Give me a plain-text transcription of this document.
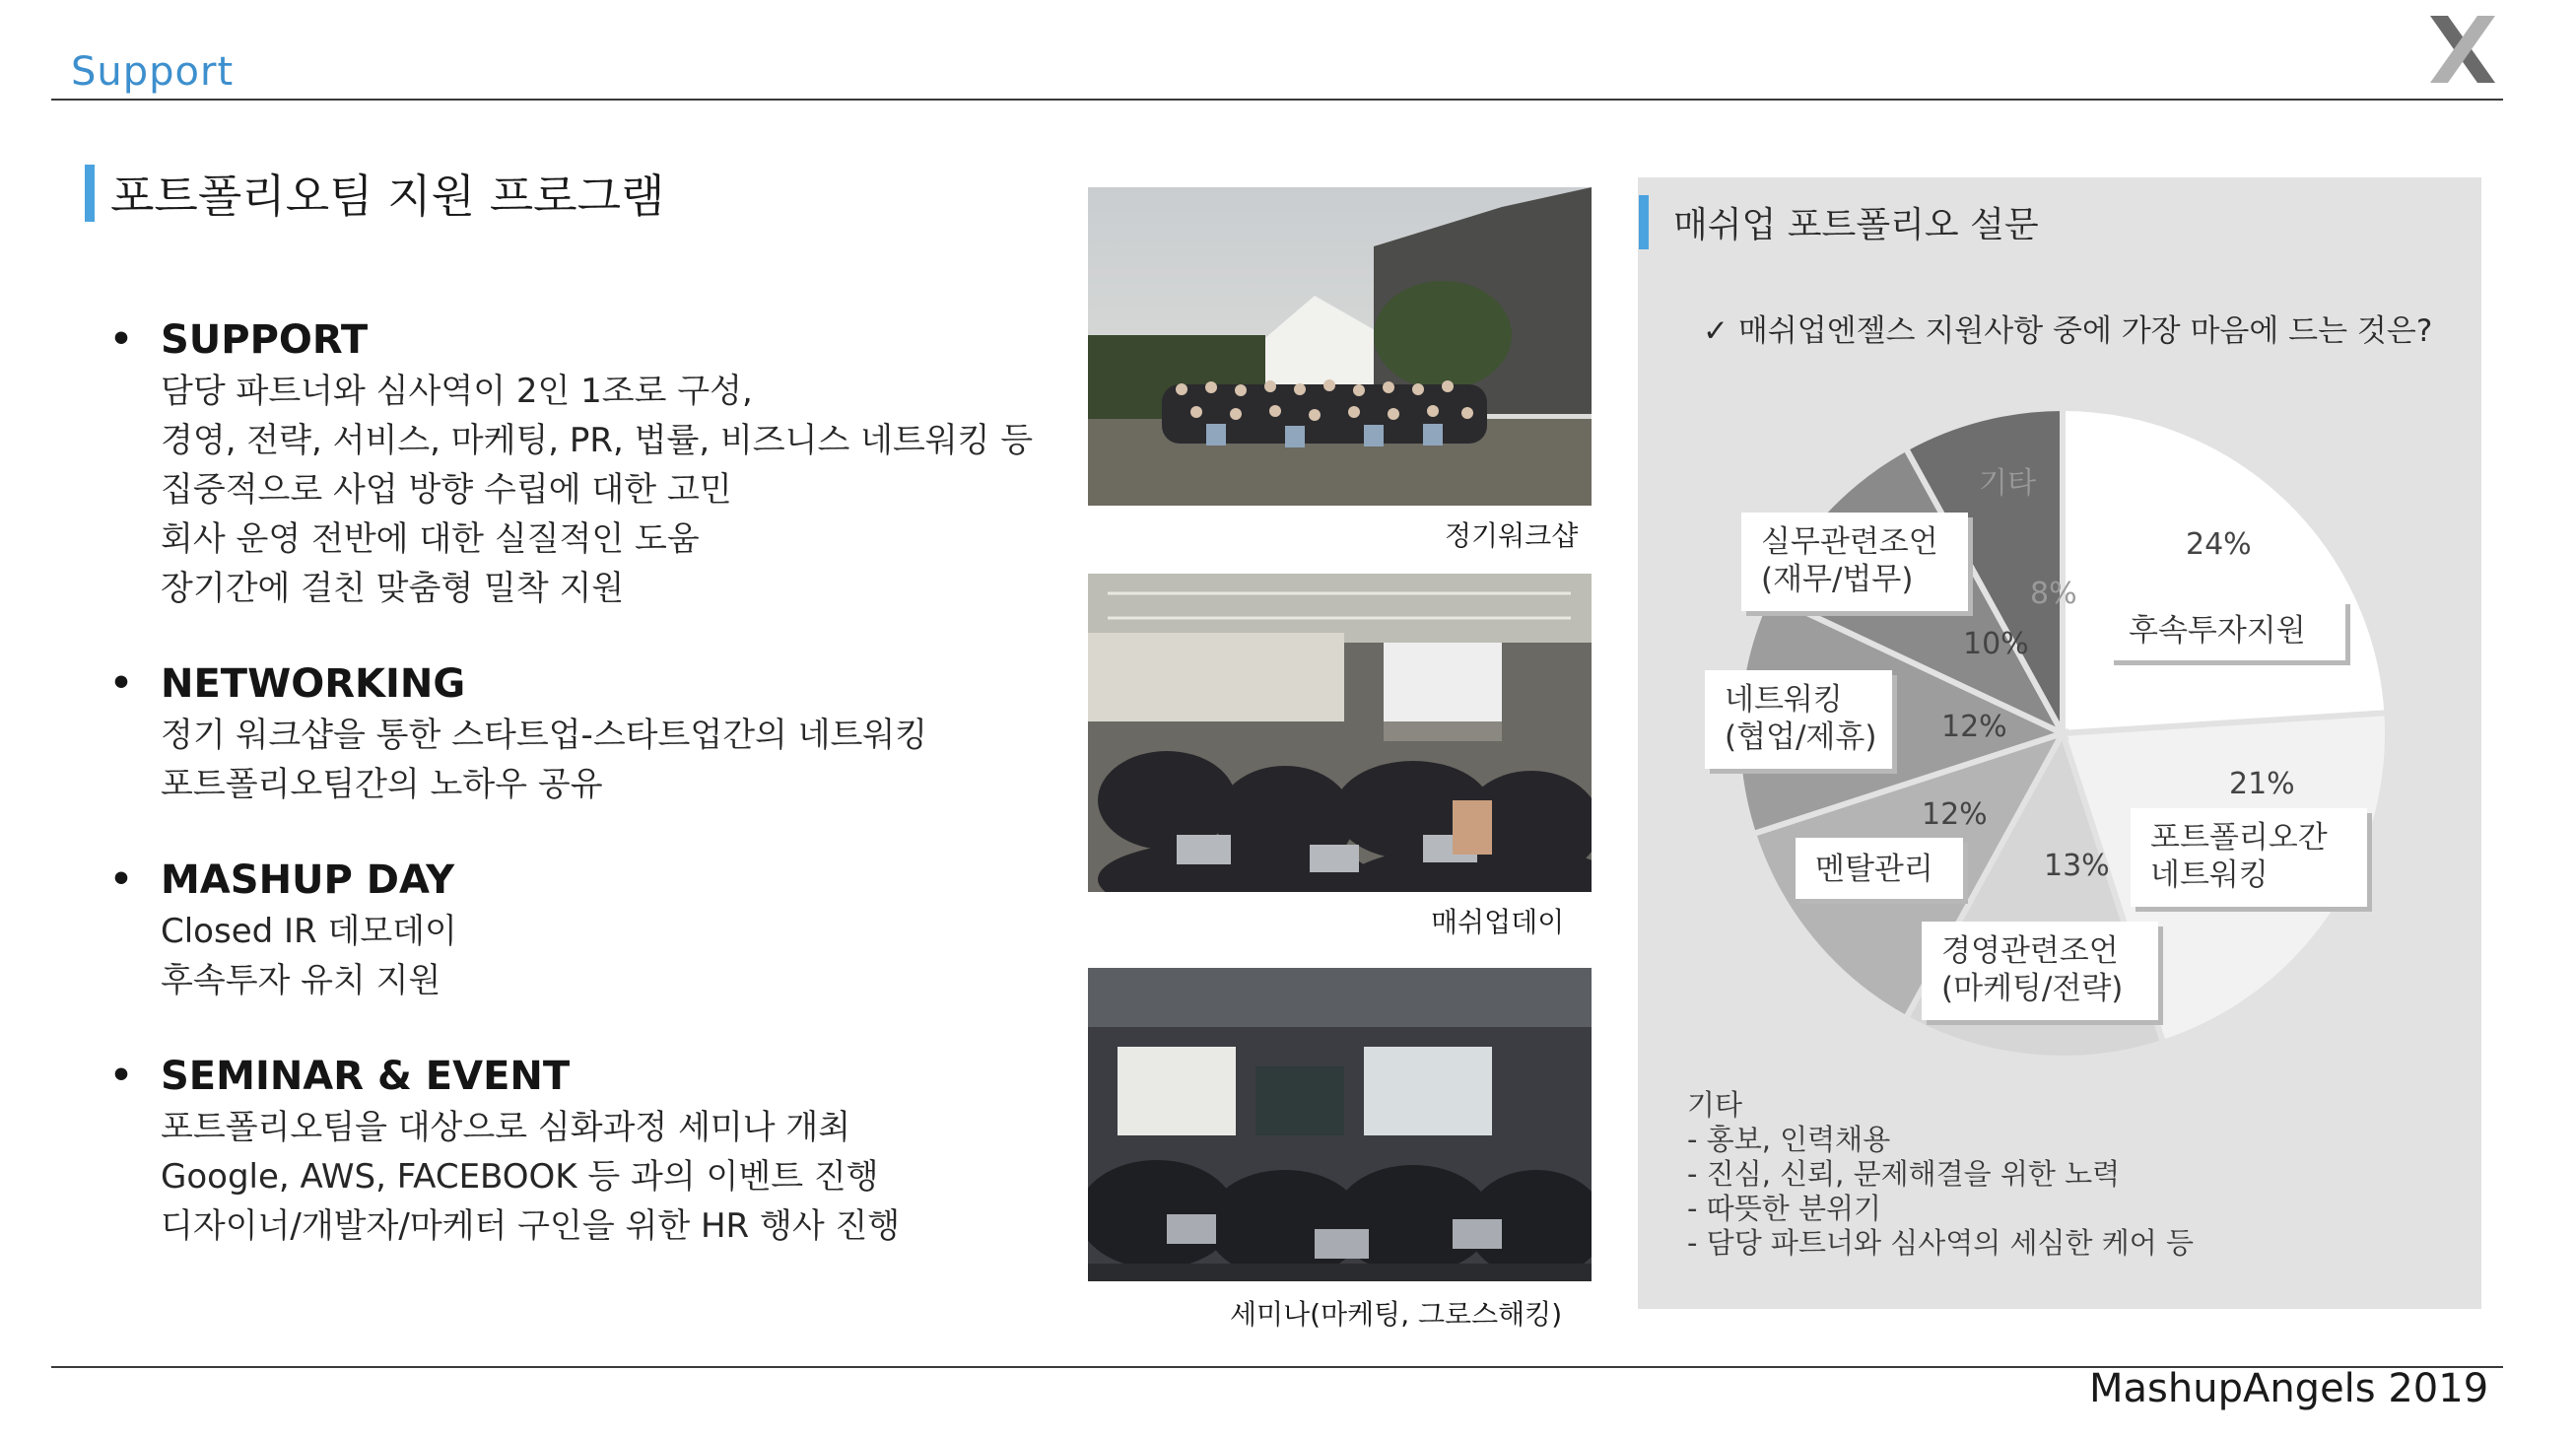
Support
포트폴리오팀 지원 프로그램
• SUPPORT
담당 파트너와 심사역이 2인 1조로 구성,
경영, 전략, 서비스, 마케팅, PR, 법률, 비즈니스 네트워킹 등
집중적으로 사업 방향 수립에 대한 고민
회사 운영 전반에 대한 실질적인 도움
장기간에 걸친 맞춤형 밀착 지원
• NETWORKING
정기 워크샵을 통한 스타트업-스타트업간의 네트워킹
포트폴리오팀간의 노하우 공유
• MASHUP DAY
Closed IR 데모데이
후속투자 유치 지원
• SEMINAR & EVENT
포트폴리오팀을 대상으로 심화과정 세미나 개최
Google, AWS, FACEBOOK 등 과의 이벤트 진행
디자이너/개발자/마케터 구인을 위한 HR 행사 진행
정기워크샵
매쉬업데이
세미나(마케팅, 그로스해킹)
매쉬업 포트폴리오 설문
✓ 매쉬업엔젤스 지원사항 중에 가장 마음에 드는 것은?
24%
21%
13%
12%
12%
10%
8%
후속투자지원
포트폴리오간
네트워킹
경영관련조언
(마케팅/전략)
멘탈관리
네트워킹
(협업/제휴)
실무관련조언
(재무/법무)
기타
기타
- 홍보, 인력채용
- 진심, 신뢰, 문제해결을 위한 노력
- 따뜻한 분위기
- 담당 파트너와 심사역의 세심한 케어 등
MashupAngels 2019
